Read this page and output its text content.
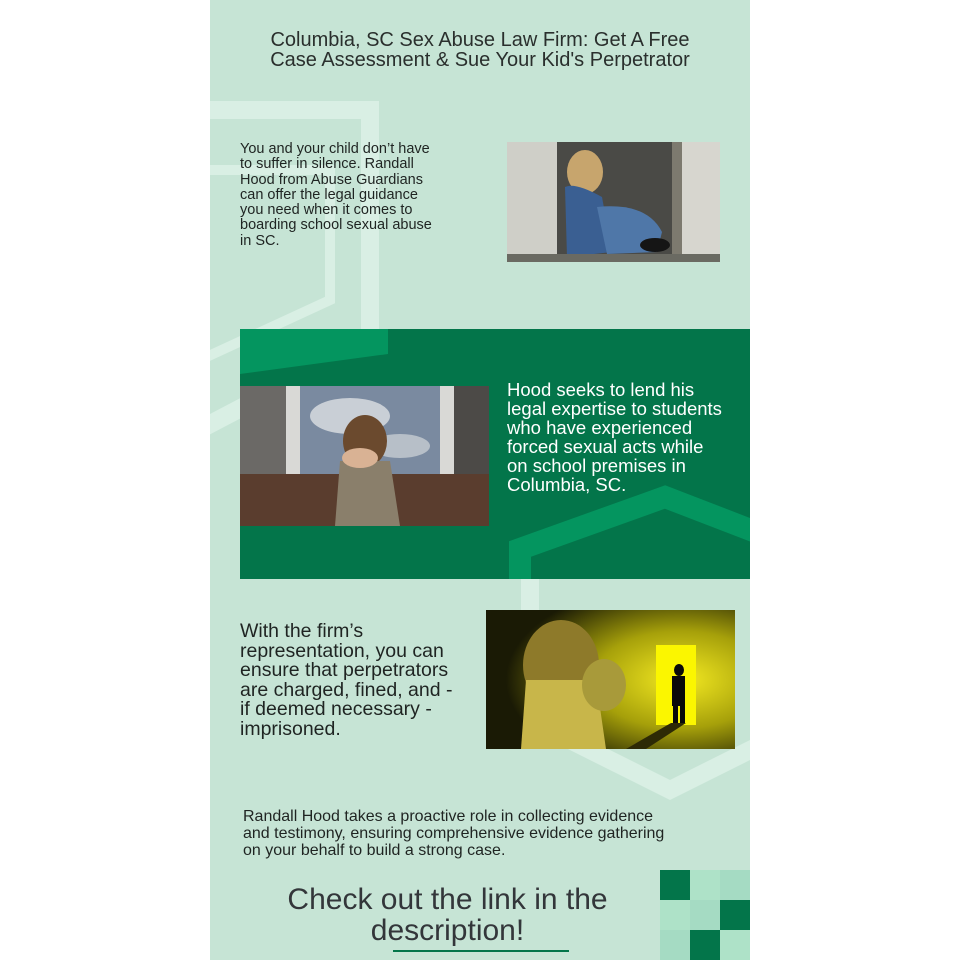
Columbia, SC Sex Abuse Law Firm: Get A Free Case Assessment & Sue Your Kid's Perpetrator
You and your child don’t have to suffer in silence. Randall Hood from Abuse Guardians can offer the legal guidance you need when it comes to boarding school sexual abuse in SC.
Hood seeks to lend his legal expertise to students who have experienced forced sexual acts while on school premises in Columbia, SC.
With the firm’s representation, you can ensure that perpetrators are charged, fined, and - if deemed necessary - imprisoned.
Randall Hood takes a proactive role in collecting evidence and testimony, ensuring comprehensive evidence gathering on your behalf to build a strong case.
Check out the link in the description!
